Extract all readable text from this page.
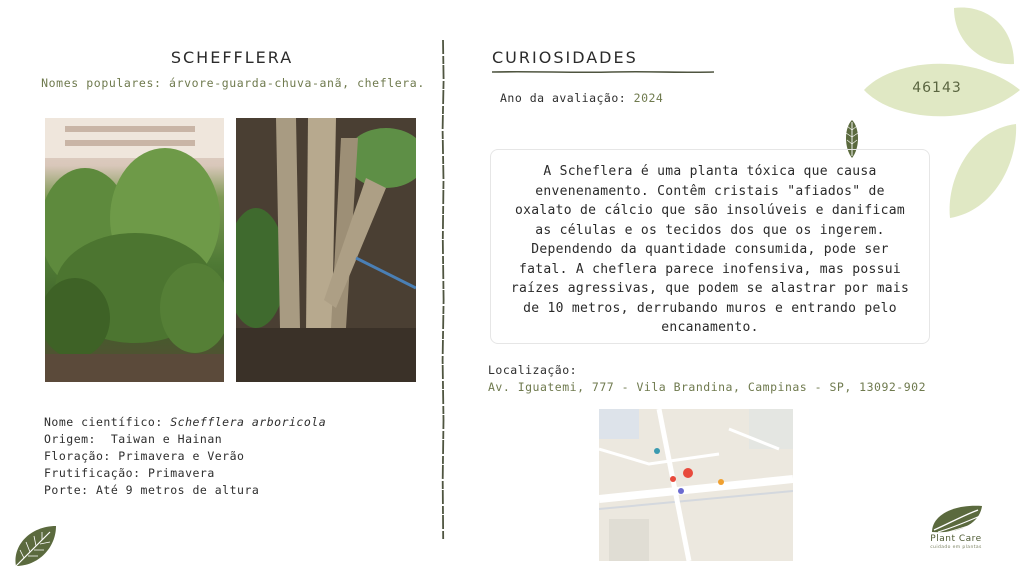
SCHEFFLERA
Nomes populares: árvore-guarda-chuva-anã, cheflera.
Nome científico: Schefflera arboricola
Origem: Taiwan e Hainan
Floração: Primavera e Verão
Frutificação: Primavera
Porte: Até 9 metros de altura
CURIOSIDADES
Ano da avaliação: 2024
A Scheflera é uma planta tóxica que causa envenenamento. Contêm cristais "afiados" de oxalato de cálcio que são insolúveis e danificam as células e os tecidos dos que os ingerem. Dependendo da quantidade consumida, pode ser fatal. A cheflera parece inofensiva, mas possui raízes agressivas, que podem se alastrar por mais de 10 metros, derrubando muros e entrando pelo encanamento.
Localização:
Av. Iguatemi, 777 - Vila Brandina, Campinas - SP, 13092-902
46143
Plant Care
cuidado em plantas
